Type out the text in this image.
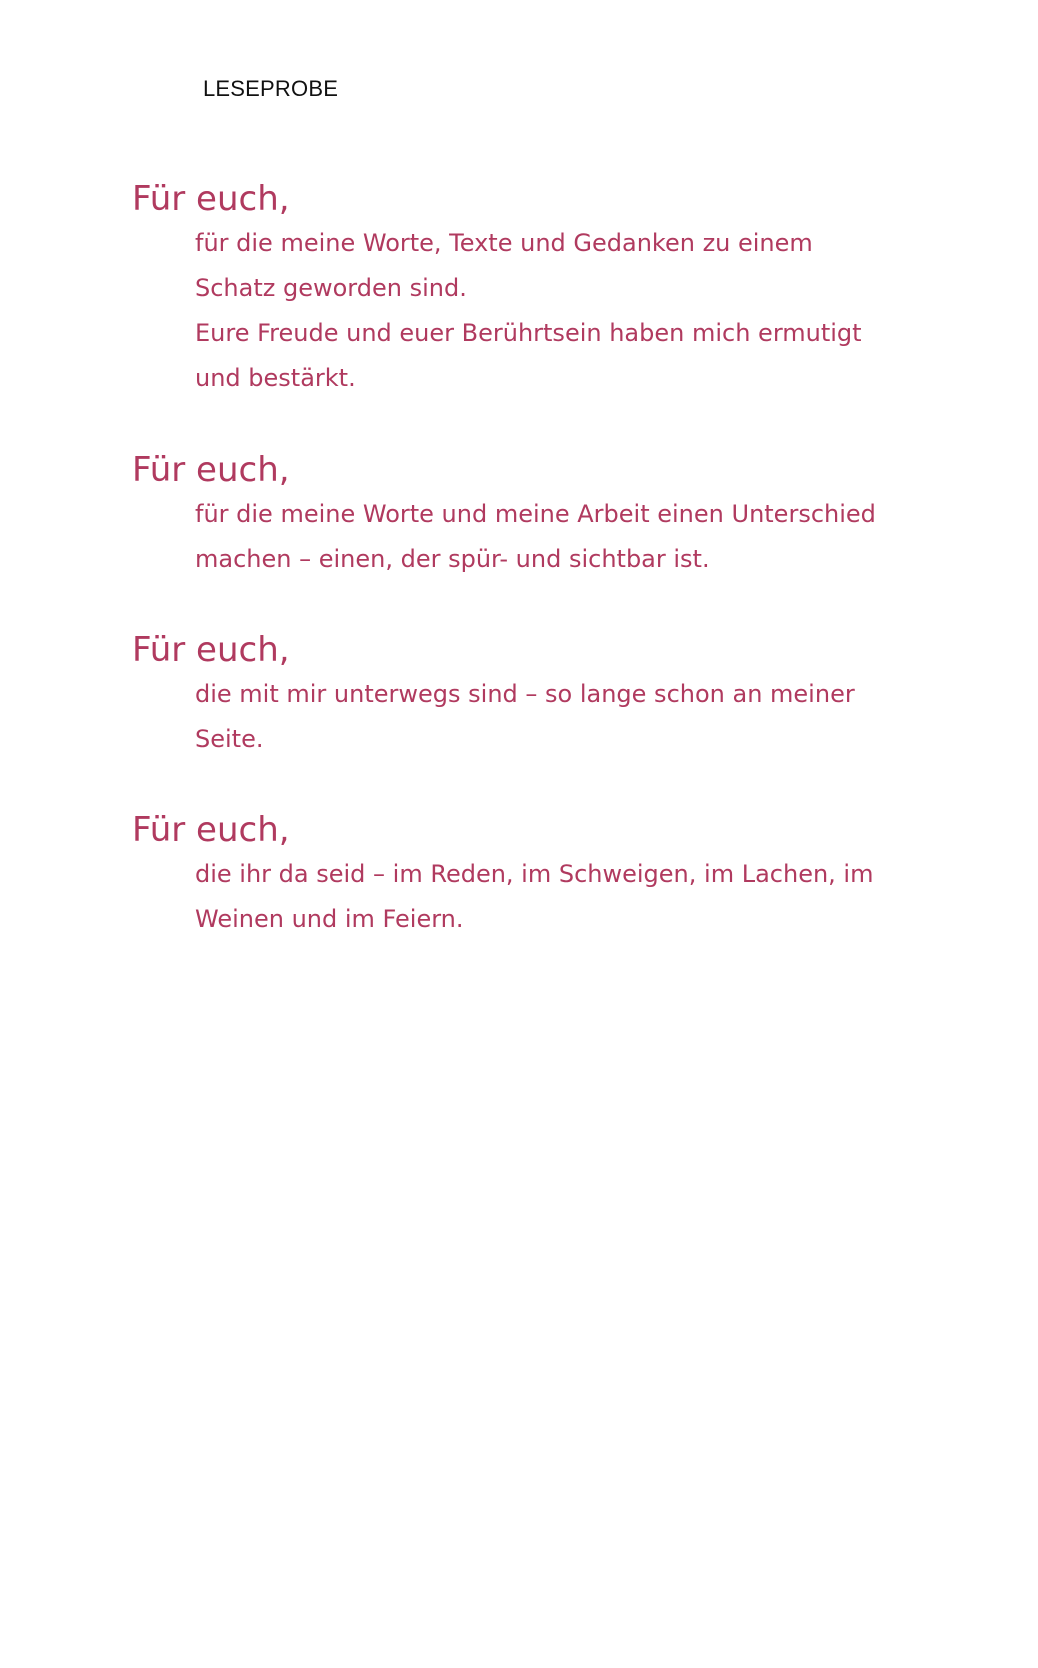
LESEPROBE
Für euch,
für die meine Worte, Texte und Gedanken zu einem
Schatz geworden sind.
Eure Freude und euer Berührtsein haben mich ermutigt
und bestärkt.
Für euch,
für die meine Worte und meine Arbeit einen Unterschied
machen – einen, der spür- und sichtbar ist.
Für euch,
die mit mir unterwegs sind – so lange schon an meiner
Seite.
Für euch,
die ihr da seid – im Reden, im Schweigen, im Lachen, im
Weinen und im Feiern.
